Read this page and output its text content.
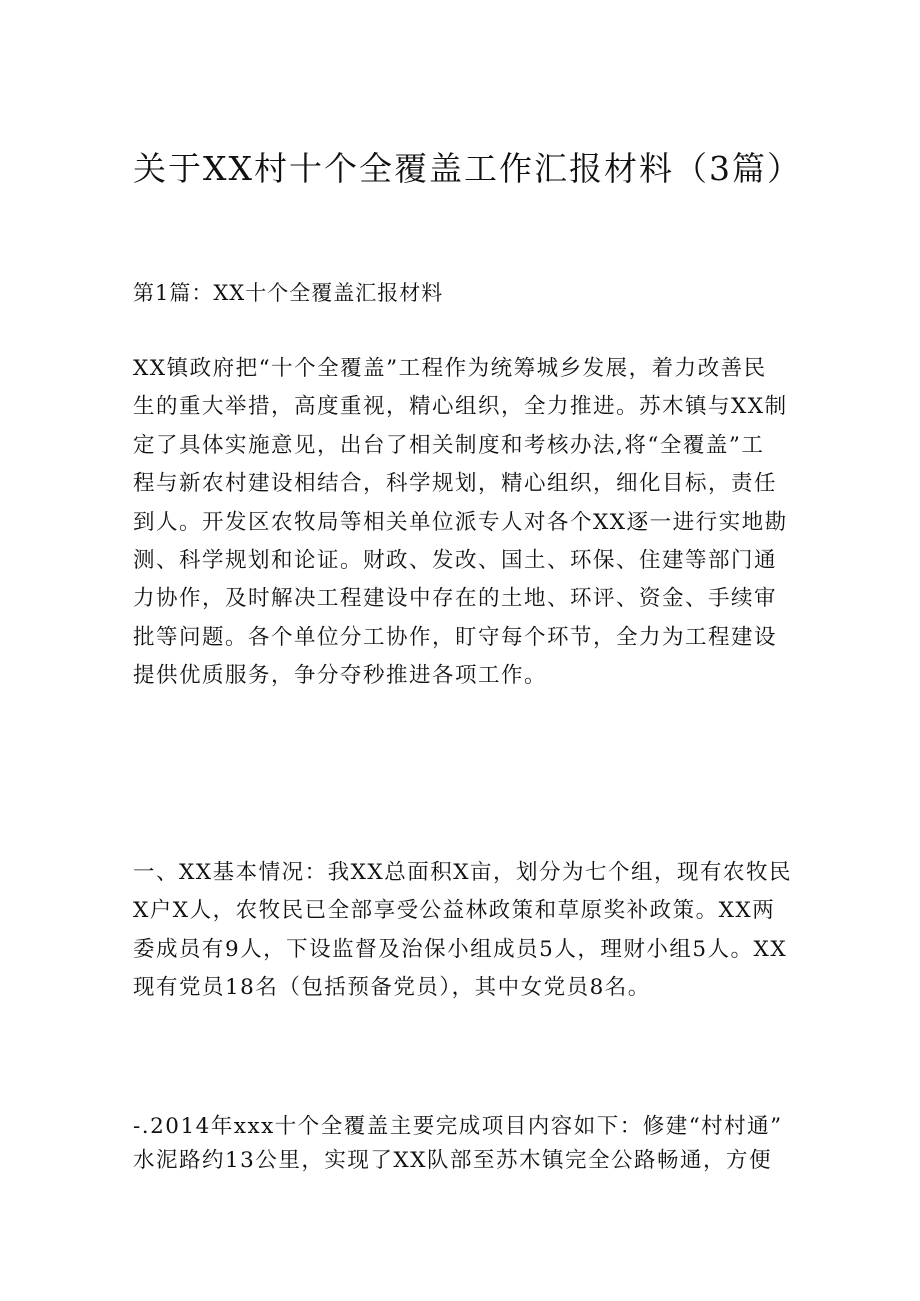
关于XX村十个全覆盖工作汇报材料（3篇）
第1篇：XX十个全覆盖汇报材料

XX镇政府把“十个全覆盖”工程作为统筹城乡发展，着力改善民
生的重大举措，高度重视，精心组织，全力推进。苏木镇与XX制
定了具体实施意见，出台了相关制度和考核办法,将“全覆盖”工
程与新农村建设相结合，科学规划，精心组织，细化目标，责任
到人。开发区农牧局等相关单位派专人对各个XX逐一进行实地勘
测、科学规划和论证。财政、发改、国土、环保、住建等部门通
力协作，及时解决工程建设中存在的土地、环评、资金、手续审
批等问题。各个单位分工协作，盯守每个环节，全力为工程建设
提供优质服务，争分夺秒推进各项工作。

一、XX基本情况：我XX总面积X亩，划分为七个组，现有农牧民
X户X人，农牧民已全部享受公益林政策和草原奖补政策。XX两
委成员有9人，下设监督及治保小组成员5人，理财小组5人。XX
现有党员18名（包括预备党员），其中女党员8名。

-.2014年xxx十个全覆盖主要完成项目内容如下：修建“村村通”
水泥路约13公里，实现了XX队部至苏木镇完全公路畅通，方便
